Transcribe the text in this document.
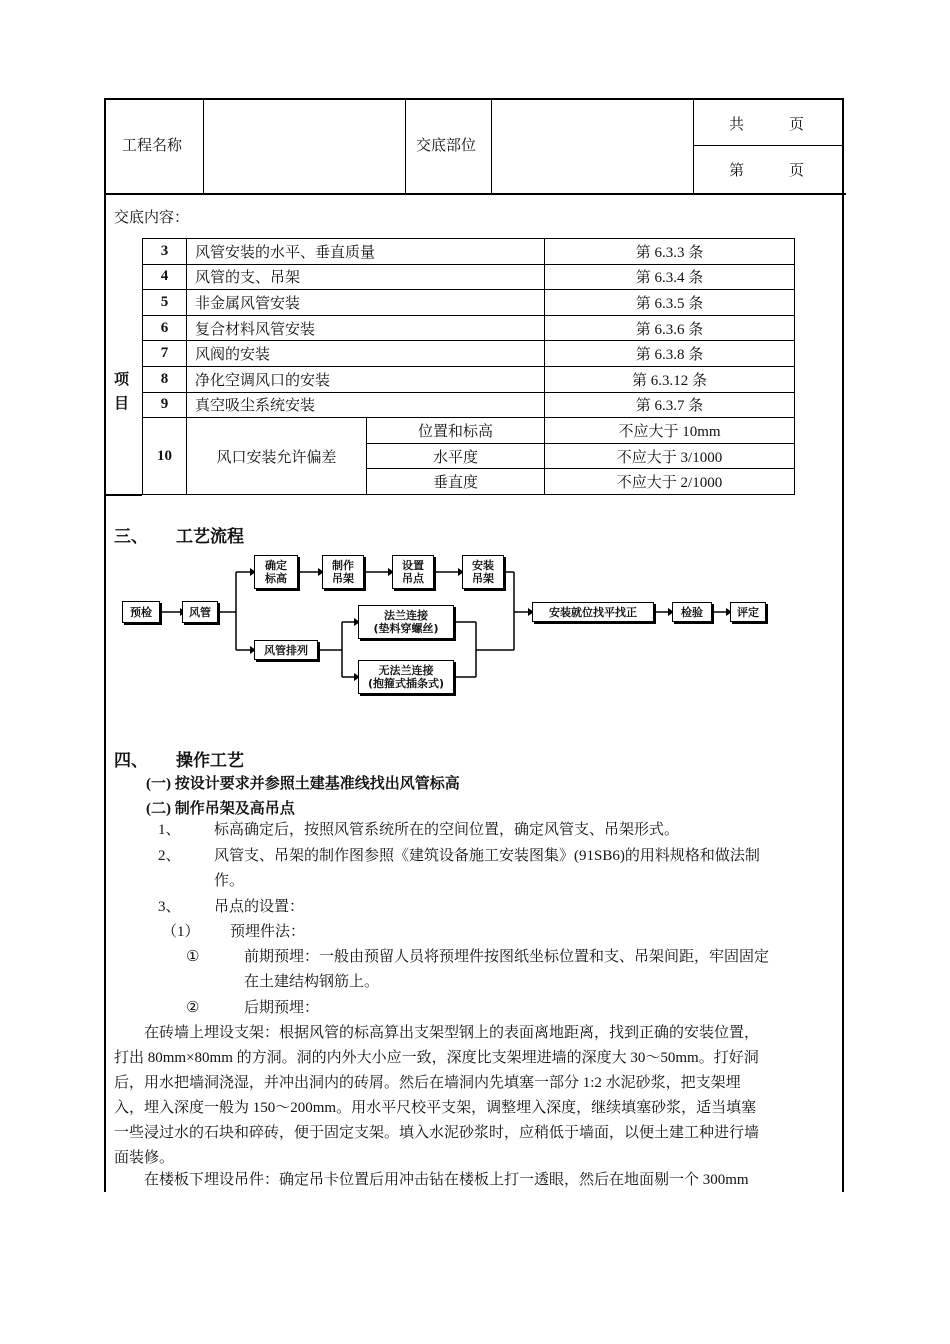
工程名称	交底部位
共　　　页
第　　　页
交底内容：
项
目
3	风管安装的水平、垂直质量		第 6.3.3 条
4	风管的支、吊架		第 6.3.4 条
5	非金属风管安装		第 6.3.5 条
6	复合材料风管安装		第 6.3.6 条
7	风阀的安装		第 6.3.8 条
8	净化空调风口的安装		第 6.3.12 条
9	真空吸尘系统安装		第 6.3.7 条
10	风口安装允许偏差	位置和标高	不应大于 10mm
		水平度	不应大于 3/1000
		垂直度	不应大于 2/1000
三、 工艺流程
预检	风管
确定
标高
制作
吊架
设置
吊点
安装
吊架
风管排列
法兰连接
(垫料穿螺丝)
无法兰连接
(抱箍式插条式)
安装就位找平找正	检验	评定
四、 操作工艺
(一) 按设计要求并参照土建基准线找出风管标高
(二) 制作吊架及高吊点
1、 标高确定后，按照风管系统所在的空间位置，确定风管支、吊架形式。
2、 风管支、吊架的制作图参照《建筑设备施工安装图集》(91SB6)的用料规格和做法制
作。
3、 吊点的设置：
（1） 预埋件法：
①	前期预埋：一般由预留人员将预埋件按图纸坐标位置和支、吊架间距，牢固固定
在土建结构钢筋上。
②	后期预埋：
　　在砖墙上埋设支架：根据风管的标高算出支架型钢上的表面离地距离，找到正确的安装位置，
打出 80mm×80mm 的方洞。洞的内外大小应一致，深度比支架埋进墙的深度大 30～50mm。打好洞
后，用水把墙洞浇湿，并冲出洞内的砖屑。然后在墙洞内先填塞一部分 1:2 水泥砂浆，把支架埋
入，埋入深度一般为 150～200mm。用水平尺校平支架，调整埋入深度，继续填塞砂浆，适当填塞
一些浸过水的石块和碎砖，便于固定支架。填入水泥砂浆时，应稍低于墙面，以便土建工种进行墙
面装修。
　　在楼板下埋设吊件：确定吊卡位置后用冲击钻在楼板上打一透眼，然后在地面剔一个 300mm
